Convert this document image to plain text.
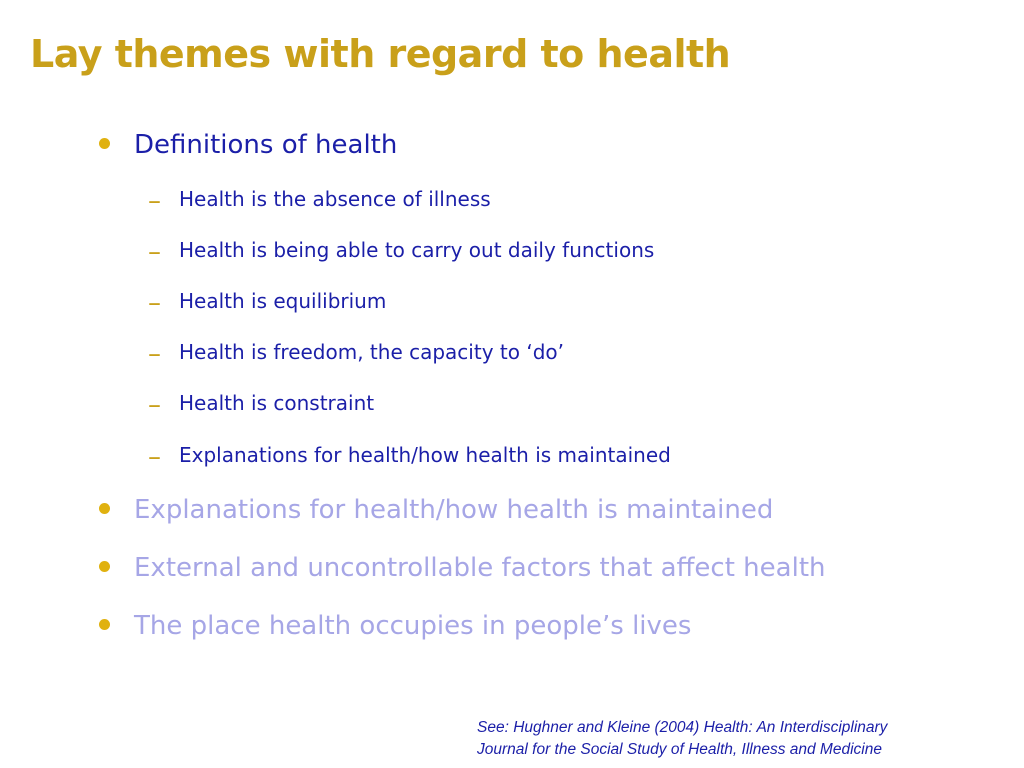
Lay themes with regard to health
Definitions of health
– Health is the absence of illness
– Health is being able to carry out daily functions
– Health is equilibrium
– Health is freedom, the capacity to ‘do’
– Health is constraint
– Explanations for health/how health is maintained
Explanations for health/how health is maintained
External and uncontrollable factors that affect health
The place health occupies in people’s lives
See: Hughner and Kleine (2004) Health: An Interdisciplinary
Journal for the Social Study of Health, Illness and Medicine
